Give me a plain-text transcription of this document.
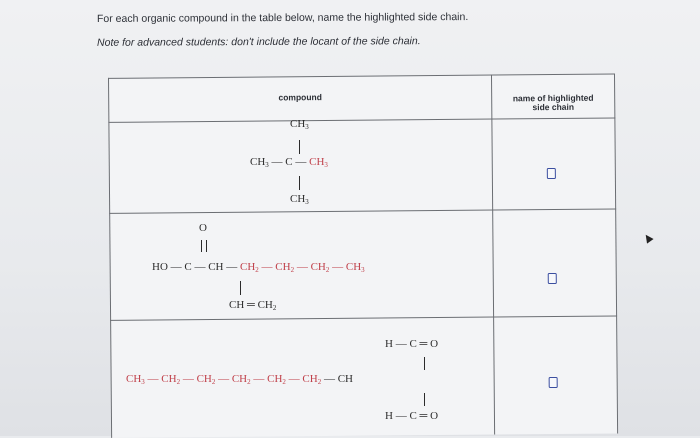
For each organic compound in the table below, name the highlighted side chain.
Note for advanced students: don't include the locant of the side chain.
compound	name of highlighted
side chain
$CH_3$
$CH_3$ — C — $CH_3$
$CH_3$
O
HO — C — CH — $CH_2$ — $CH_2$ — $CH_2$ — $CH_3$
CH ═ $CH_2$
H — C ═ O
$CH_3$ — $CH_2$ — $CH_2$ — $CH_2$ — $CH_2$ — $CH_2$ — CH
H — C ═ O
